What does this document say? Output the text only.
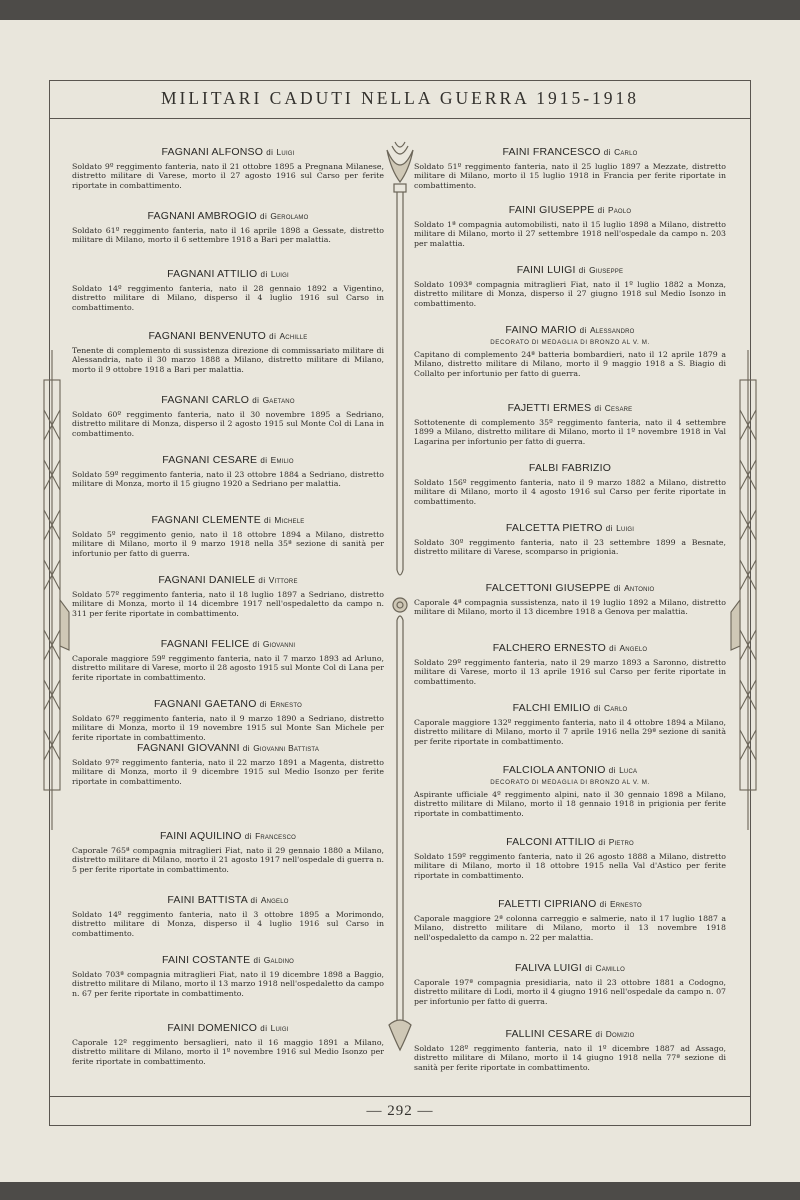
MILITARI CADUTI NELLA GUERRA 1915-1918
— 292 —
FAGNANI ALFONSO di Luigi
Soldato 9º reggimento fanteria, nato il 21 ottobre 1895 a Pregnana Milanese, distretto militare di Varese, morto il 27 agosto 1916 sul Carso per ferite riportate in combattimento.
FAGNANI AMBROGIO di Gerolamo
Soldato 61º reggimento fanteria, nato il 16 aprile 1898 a Gessate, distretto militare di Milano, morto il 6 settembre 1918 a Bari per malattia.
FAGNANI ATTILIO di Luigi
Soldato 14º reggimento fanteria, nato il 28 gennaio 1892 a Vigentino, distretto militare di Milano, disperso il 4 luglio 1916 sul Carso in combattimento.
FAGNANI BENVENUTO di Achille
Tenente di complemento di sussistenza direzione di commissariato militare di Alessandria, nato il 30 marzo 1888 a Milano, distretto militare di Milano, morto il 9 ottobre 1918 a Bari per malattia.
FAGNANI CARLO di Gaetano
Soldato 60º reggimento fanteria, nato il 30 novembre 1895 a Sedriano, distretto militare di Monza, disperso il 2 agosto 1915 sul Monte Col di Lana in combattimento.
FAGNANI CESARE di Emilio
Soldato 59º reggimento fanteria, nato il 23 ottobre 1884 a Sedriano, distretto militare di Monza, morto il 15 giugno 1920 a Sedriano per malattia.
FAGNANI CLEMENTE di Michele
Soldato 5º reggimento genio, nato il 18 ottobre 1894 a Milano, distretto militare di Milano, morto il 9 marzo 1918 nella 35ª sezione di sanità per infortunio per fatto di guerra.
FAGNANI DANIELE di Vittore
Soldato 57º reggimento fanteria, nato il 18 luglio 1897 a Sedriano, distretto militare di Monza, morto il 14 dicembre 1917 nell'ospedaletto da campo n. 311 per ferite riportate in combattimento.
FAGNANI FELICE di Giovanni
Caporale maggiore 59º reggimento fanteria, nato il 7 marzo 1893 ad Arluno, distretto militare di Varese, morto il 28 agosto 1915 sul Monte Col di Lana per ferite riportate in combattimento.
FAGNANI GAETANO di Ernesto
Soldato 67º reggimento fanteria, nato il 9 marzo 1890 a Sedriano, distretto militare di Monza, morto il 19 novembre 1915 sul Monte San Michele per ferite riportate in combattimento.
FAGNANI GIOVANNI di Giovanni Battista
Soldato 97º reggimento fanteria, nato il 22 marzo 1891 a Magenta, distretto militare di Monza, morto il 9 dicembre 1915 sul Medio Isonzo per ferite riportate in combattimento.
FAINI AQUILINO di Francesco
Caporale 765ª compagnia mitraglieri Fiat, nato il 29 gennaio 1880 a Milano, distretto militare di Milano, morto il 21 agosto 1917 nell'ospedale di guerra n. 5 per ferite riportate in combattimento.
FAINI BATTISTA di Angelo
Soldato 14º reggimento fanteria, nato il 3 ottobre 1895 a Morimondo, distretto militare di Monza, disperso il 4 luglio 1916 sul Carso in combattimento.
FAINI COSTANTE di Galdino
Soldato 703ª compagnia mitraglieri Fiat, nato il 19 dicembre 1898 a Baggio, distretto militare di Milano, morto il 13 marzo 1918 nell'ospedaletto da campo n. 67 per ferite riportate in combattimento.
FAINI DOMENICO di Luigi
Caporale 12º reggimento bersaglieri, nato il 16 maggio 1891 a Milano, distretto militare di Milano, morto il 1º novembre 1916 sul Medio Isonzo per ferite riportate in combattimento.
FAINI FRANCESCO di Carlo
Soldato 51º reggimento fanteria, nato il 25 luglio 1897 a Mezzate, distretto militare di Milano, morto il 15 luglio 1918 in Francia per ferite riportate in combattimento.
FAINI GIUSEPPE di Paolo
Soldato 1ª compagnia automobilisti, nato il 15 luglio 1898 a Milano, distretto militare di Milano, morto il 27 settembre 1918 nell'ospedale da campo n. 203 per malattia.
FAINI LUIGI di Giuseppe
Soldato 1093ª compagnia mitraglieri Fiat, nato il 1º luglio 1882 a Monza, distretto militare di Monza, disperso il 27 giugno 1918 sul Medio Isonzo in combattimento.
FAINO MARIO di Alessandro
DECORATO DI MEDAGLIA DI BRONZO AL V. M.
Capitano di complemento 24ª batteria bombardieri, nato il 12 aprile 1879 a Milano, distretto militare di Milano, morto il 9 maggio 1918 a S. Biagio di Collalto per infortunio per fatto di guerra.
FAJETTI ERMES di Cesare
Sottotenente di complemento 35º reggimento fanteria, nato il 4 settembre 1899 a Milano, distretto militare di Milano, morto il 1º novembre 1918 in Val Lagarina per infortunio per fatto di guerra.
FALBI FABRIZIO
Soldato 156º reggimento fanteria, nato il 9 marzo 1882 a Milano, distretto militare di Milano, morto il 4 agosto 1916 sul Carso per ferite riportate in combattimento.
FALCETTA PIETRO di Luigi
Soldato 30º reggimento fanteria, nato il 23 settembre 1899 a Besnate, distretto militare di Varese, scomparso in prigionia.
FALCETTONI GIUSEPPE di Antonio
Caporale 4ª compagnia sussistenza, nato il 19 luglio 1892 a Milano, distretto militare di Milano, morto il 13 dicembre 1918 a Genova per malattia.
FALCHERO ERNESTO di Angelo
Soldato 29º reggimento fanteria, nato il 29 marzo 1893 a Saronno, distretto militare di Varese, morto il 13 aprile 1916 sul Carso per ferite riportate in combattimento.
FALCHI EMILIO di Carlo
Caporale maggiore 132º reggimento fanteria, nato il 4 ottobre 1894 a Milano, distretto militare di Milano, morto il 7 aprile 1916 nella 29ª sezione di sanità per ferite riportate in combattimento.
FALCIOLA ANTONIO di Luca
DECORATO DI MEDAGLIA DI BRONZO AL V. M.
Aspirante ufficiale 4º reggimento alpini, nato il 30 gennaio 1898 a Milano, distretto militare di Milano, morto il 18 gennaio 1918 in prigionia per ferite riportate in combattimento.
FALCONI ATTILIO di Pietro
Soldato 159º reggimento fanteria, nato il 26 agosto 1888 a Milano, distretto militare di Milano, morto il 18 ottobre 1915 nella Val d'Astico per ferite riportate in combattimento.
FALETTI CIPRIANO di Ernesto
Caporale maggiore 2ª colonna carreggio e salmerie, nato il 17 luglio 1887 a Milano, distretto militare di Milano, morto il 13 novembre 1918 nell'ospedaletto da campo n. 22 per malattia.
FALIVA LUIGI di Camillo
Caporale 197ª compagnia presidiaria, nato il 23 ottobre 1881 a Codogno, distretto militare di Lodi, morto il 4 giugno 1916 nell'ospedale da campo n. 07 per infortunio per fatto di guerra.
FALLINI CESARE di Domizio
Soldato 128º reggimento fanteria, nato il 1º dicembre 1887 ad Assago, distretto militare di Milano, morto il 14 giugno 1918 nella 77ª sezione di sanità per ferite riportate in combattimento.
